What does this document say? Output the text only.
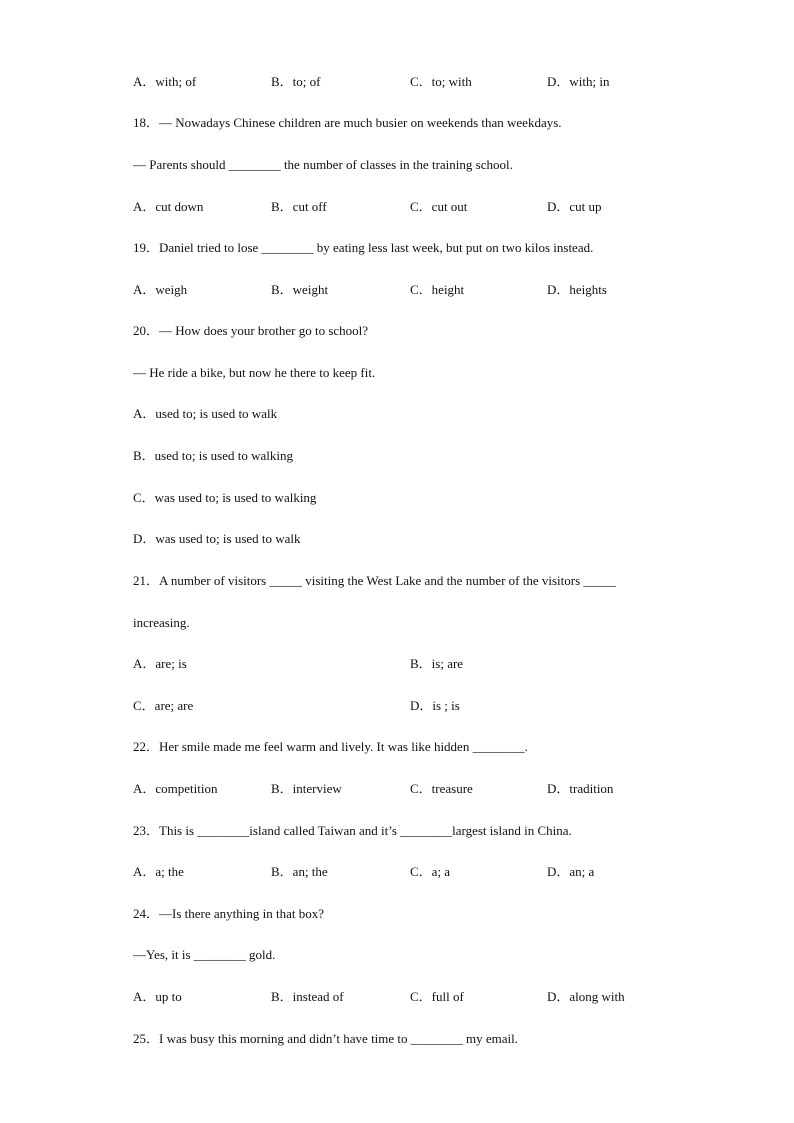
A．with; of	B．to; of	C．to; with	D．with; in
18．— Nowadays Chinese children are much busier on weekends than weekdays.
— Parents should ________ the number of classes in the training school.
A．cut down	B．cut off	C．cut out	D．cut up
19．Daniel tried to lose ________ by eating less last week, but put on two kilos instead.
A．weigh	B．weight	C．height	D．heights
20．— How does your brother go to school?
— He ride a bike, but now he there to keep fit.
A．used to; is used to walk
B．used to; is used to walking
C．was used to; is used to walking
D．was used to; is used to walk
21．A number of visitors _____ visiting the West Lake and the number of the visitors _____
increasing.
A．are; is	B．is; are
C．are; are	D．is ; is
22．Her smile made me feel warm and lively. It was like hidden ________.
A．competition	B．interview	C．treasure	D．tradition
23．This is ________island called Taiwan and it’s ________largest island in China.
A．a; the	B．an; the	C．a; a	D．an; a
24．—Is there anything in that box?
—Yes, it is ________ gold.
A．up to	B．instead of	C．full of	D．along with
25．I was busy this morning and didn’t have time to ________ my email.
